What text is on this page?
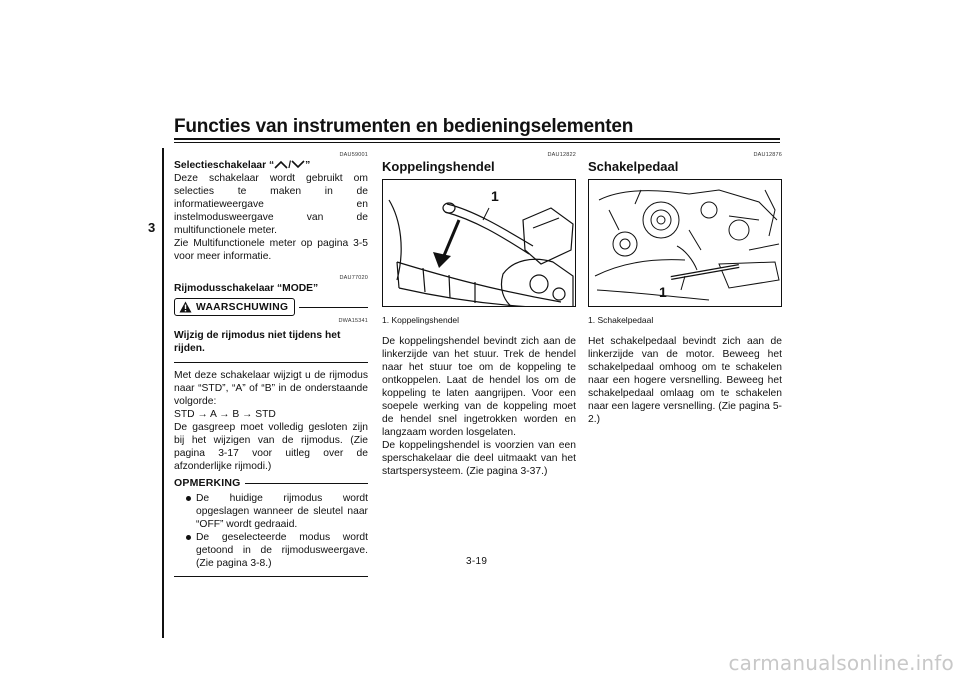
Functies van instrumenten en bedieningselementen
3
DAU59001
Selectieschakelaar “ / ”

Deze schakelaar wordt gebruikt om selecties te maken in de informatieweergave en instelmodusweergave van de multifunctionele meter.

Zie Multifunctionele meter op pagina 3-5 voor meer informatie.

DAU77020
Rijmodusschakelaar “MODE”
WAARSCHUWING
DWA15341
Wijzig de rijmodus niet tijdens het rijden.

Met deze schakelaar wijzigt u de rijmodus naar “STD”, “A” of “B” in de onderstaande volgorde:

STD → A → B → STD

De gasgreep moet volledig gesloten zijn bij het wijzigen van de rijmodus. (Zie pagina 3-17 voor uitleg over de afzonderlijke rijmodi.)

OPMERKING
De huidige rijmodus wordt opgeslagen wanneer de sleutel naar “OFF” wordt gedraaid.
De geselecteerde modus wordt getoond in de rijmodusweergave. (Zie pagina 3-8.)
DAU12822
Koppelingshendel
1
1. Koppelingshendel

De koppelingshendel bevindt zich aan de linkerzijde van het stuur. Trek de hendel naar het stuur toe om de koppeling te ontkoppelen. Laat de hendel los om de koppeling te laten aangrijpen. Voor een soepele werking van de koppeling moet de hendel snel ingetrokken worden en langzaam worden losgelaten.

De koppelingshendel is voorzien van een sperschakelaar die deel uitmaakt van het startspersysteem. (Zie pagina 3-37.)

DAU12876
Schakelpedaal
1
1. Schakelpedaal

Het schakelpedaal bevindt zich aan de linkerzijde van de motor. Beweeg het schakelpedaal omhoog om te schakelen naar een hogere versnelling. Beweeg het schakelpedaal omlaag om te schakelen naar een lagere versnelling. (Zie pagina 5-2.)

3-19
carmanualsonline.info
